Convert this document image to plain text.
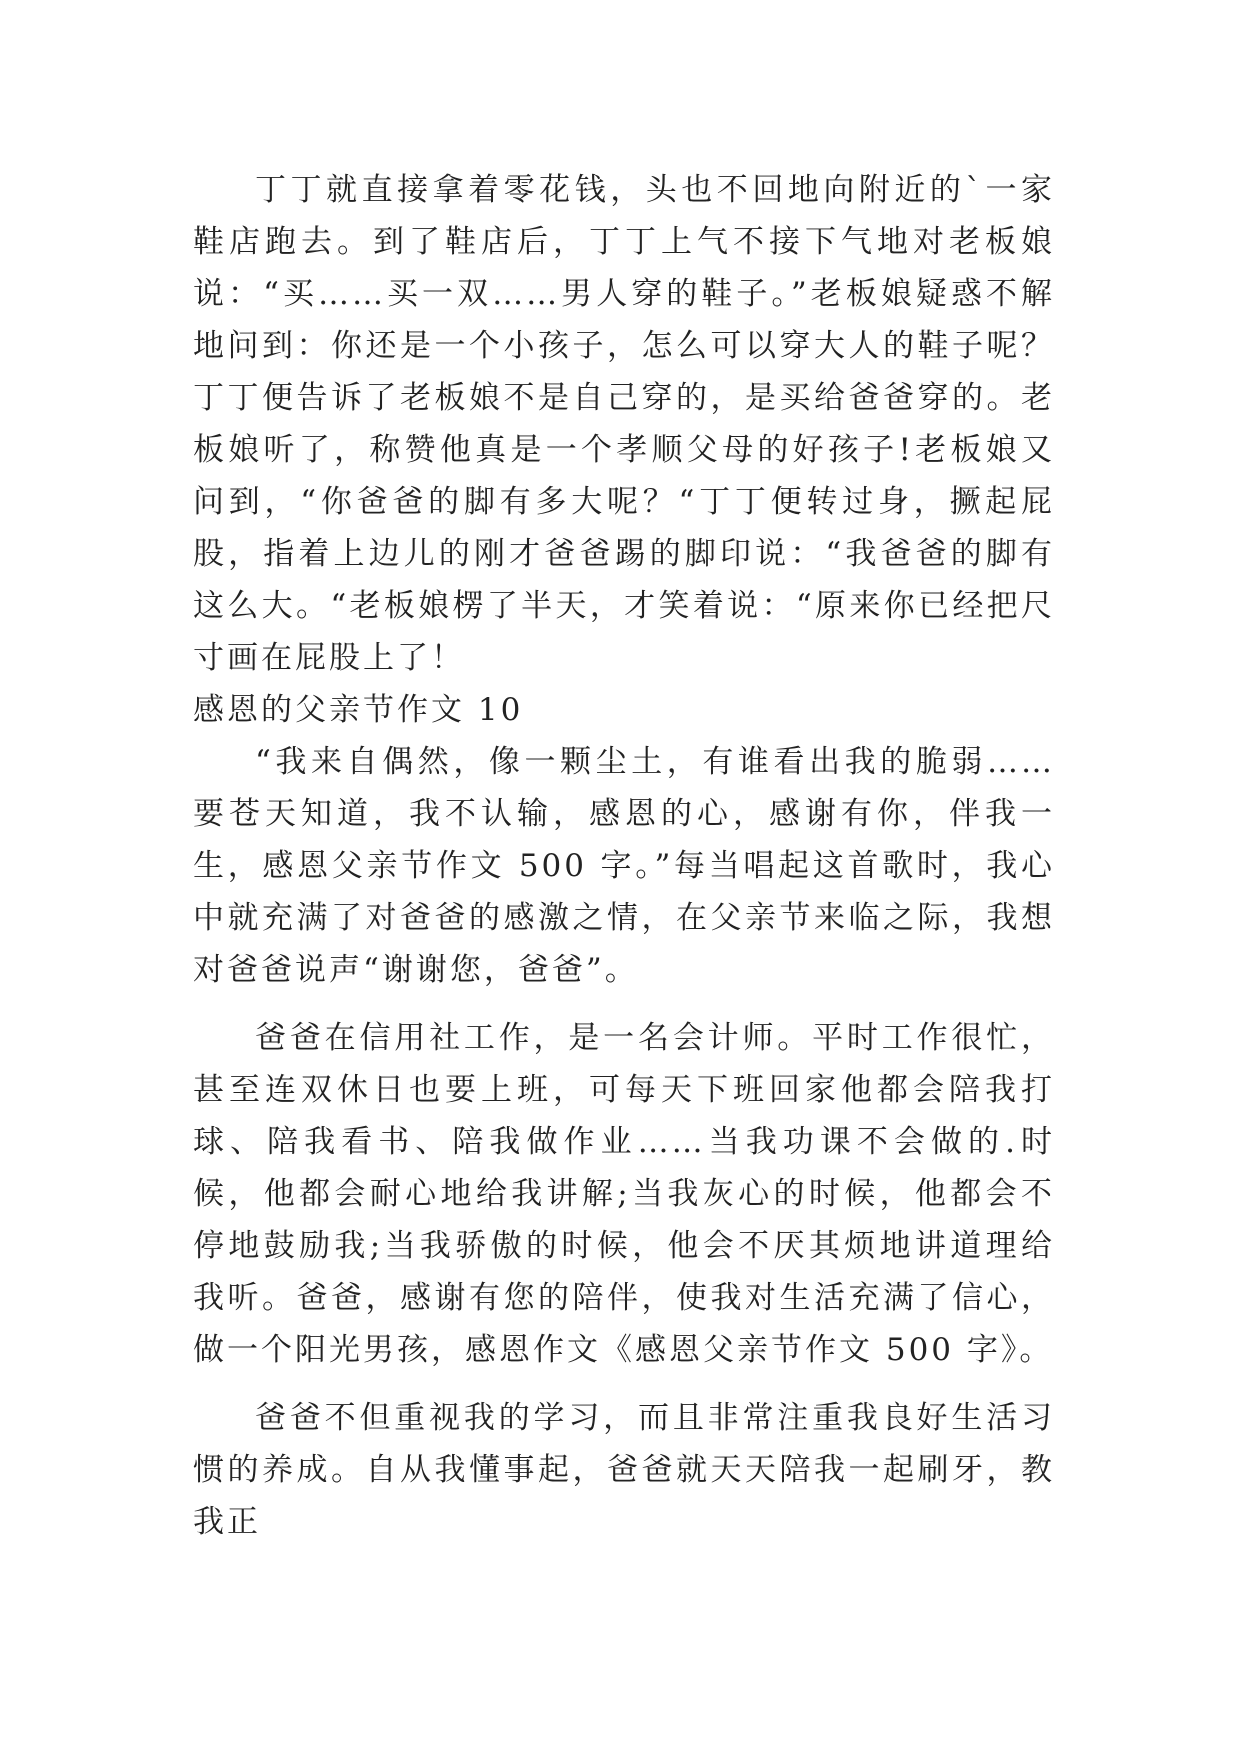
丁丁就直接拿着零花钱，头也不回地向附近的`一家鞋店跑去。到了鞋店后，丁丁上气不接下气地对老板娘说：“买……买一双……男人穿的鞋子。”老板娘疑惑不解地问到：你还是一个小孩子，怎么可以穿大人的鞋子呢？丁丁便告诉了老板娘不是自己穿的，是买给爸爸穿的。老板娘听了，称赞他真是一个孝顺父母的好孩子!老板娘又问到，“你爸爸的脚有多大呢？“丁丁便转过身，撅起屁股，指着上边儿的刚才爸爸踢的脚印说：“我爸爸的脚有这么大。“老板娘楞了半天，才笑着说：“原来你已经把尺寸画在屁股上了！

感恩的父亲节作文 10

“我来自偶然，像一颗尘土，有谁看出我的脆弱……要苍天知道，我不认输，感恩的心，感谢有你，伴我一生，感恩父亲节作文 500 字。”每当唱起这首歌时，我心中就充满了对爸爸的感激之情，在父亲节来临之际，我想对爸爸说声“谢谢您，爸爸”。

爸爸在信用社工作，是一名会计师。平时工作很忙，甚至连双休日也要上班，可每天下班回家他都会陪我打球、陪我看书、陪我做作业……当我功课不会做的.时候，他都会耐心地给我讲解;当我灰心的时候，他都会不停地鼓励我;当我骄傲的时候，他会不厌其烦地讲道理给我听。爸爸，感谢有您的陪伴，使我对生活充满了信心，做一个阳光男孩，感恩作文《感恩父亲节作文 500 字》。

爸爸不但重视我的学习，而且非常注重我良好生活习惯的养成。自从我懂事起，爸爸就天天陪我一起刷牙，教我正
